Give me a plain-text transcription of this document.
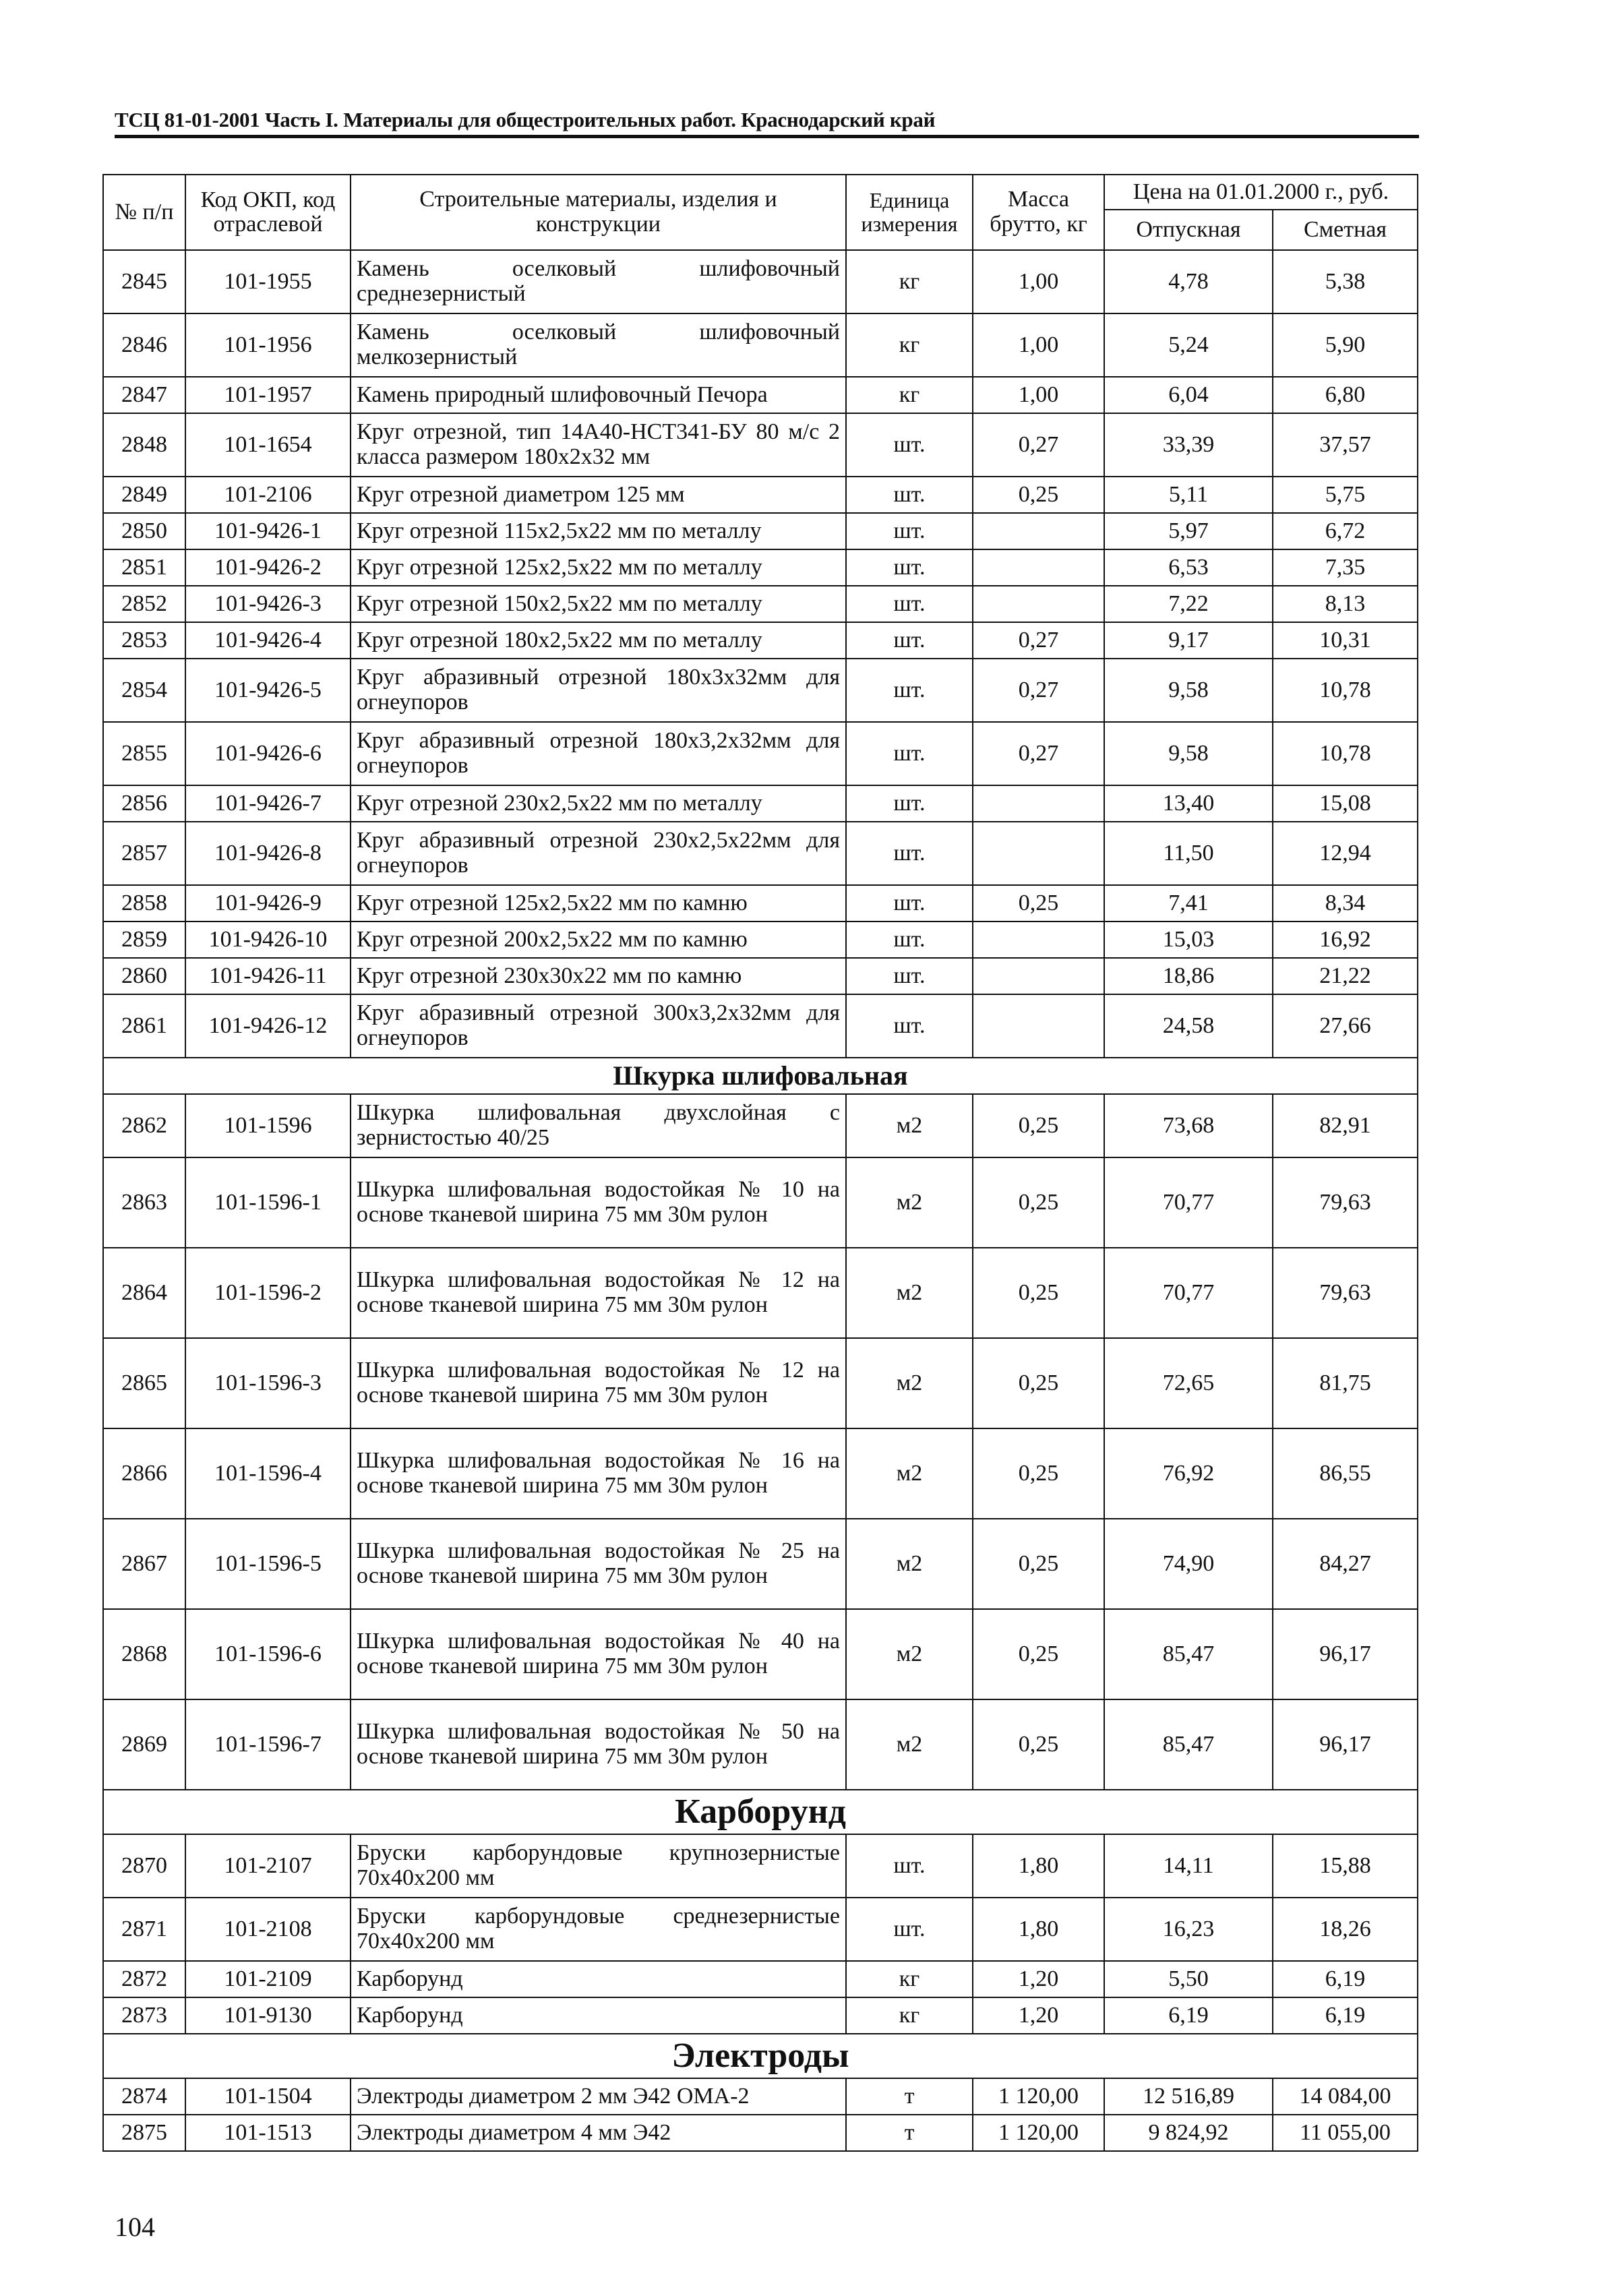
ТСЦ 81-01-2001 Часть I. Материалы для общестроительных работ. Краснодарский край
№ п/п	Код ОКП, код отраслевой	Строительные материалы, изделия и конструкции	Единица измерения	Масса брутто, кг	Цена на 01.01.2000 г., руб.	
					Отпускная	Сметная
2845	101-1955	Камень оселковый шлифовочный среднезернистый	кг	1,00	4,78	5,38
2846	101-1956	Камень оселковый шлифовочный мелкозернистый	кг	1,00	5,24	5,90
2847	101-1957	Камень природный шлифовочный Печора	кг	1,00	6,04	6,80
2848	101-1654	Круг отрезной, тип 14А40-НСТ341-БУ 80 м/с 2 класса размером 180х2х32 мм	шт.	0,27	33,39	37,57
2849	101-2106	Круг отрезной диаметром 125 мм	шт.	0,25	5,11	5,75
2850	101-9426-1	Круг отрезной 115х2,5х22 мм по металлу	шт.		5,97	6,72
2851	101-9426-2	Круг отрезной 125х2,5х22 мм по металлу	шт.		6,53	7,35
2852	101-9426-3	Круг отрезной 150х2,5х22 мм по металлу	шт.		7,22	8,13
2853	101-9426-4	Круг отрезной 180х2,5х22 мм по металлу	шт.	0,27	9,17	10,31
2854	101-9426-5	Круг абразивный отрезной 180х3х32мм для огнеупоров	шт.	0,27	9,58	10,78
2855	101-9426-6	Круг абразивный отрезной 180х3,2х32мм для огнеупоров	шт.	0,27	9,58	10,78
2856	101-9426-7	Круг отрезной 230х2,5х22 мм по металлу	шт.		13,40	15,08
2857	101-9426-8	Круг абразивный отрезной 230х2,5х22мм для огнеупоров	шт.		11,50	12,94
2858	101-9426-9	Круг отрезной 125х2,5х22 мм по камню	шт.	0,25	7,41	8,34
2859	101-9426-10	Круг отрезной 200х2,5х22 мм по камню	шт.		15,03	16,92
2860	101-9426-11	Круг отрезной 230х30х22 мм по камню	шт.		18,86	21,22
2861	101-9426-12	Круг абразивный отрезной 300х3,2х32мм для огнеупоров	шт.		24,58	27,66
Шкурка шлифовальная						
2862	101-1596	Шкурка шлифовальная двухслойная с зернистостью 40/25	м2	0,25	73,68	82,91
2863	101-1596-1	Шкурка шлифовальная водостойкая № 10 на основе тканевой ширина 75 мм 30м рулон	м2	0,25	70,77	79,63
2864	101-1596-2	Шкурка шлифовальная водостойкая № 12 на основе тканевой ширина 75 мм 30м рулон	м2	0,25	70,77	79,63
2865	101-1596-3	Шкурка шлифовальная водостойкая № 12 на основе тканевой ширина 75 мм 30м рулон	м2	0,25	72,65	81,75
2866	101-1596-4	Шкурка шлифовальная водостойкая № 16 на основе тканевой ширина 75 мм 30м рулон	м2	0,25	76,92	86,55
2867	101-1596-5	Шкурка шлифовальная водостойкая № 25 на основе тканевой ширина 75 мм 30м рулон	м2	0,25	74,90	84,27
2868	101-1596-6	Шкурка шлифовальная водостойкая № 40 на основе тканевой ширина 75 мм 30м рулон	м2	0,25	85,47	96,17
2869	101-1596-7	Шкурка шлифовальная водостойкая № 50 на основе тканевой ширина 75 мм 30м рулон	м2	0,25	85,47	96,17
Карборунд						
2870	101-2107	Бруски карборундовые крупнозернистые 70х40х200 мм	шт.	1,80	14,11	15,88
2871	101-2108	Бруски карборундовые среднезернистые 70х40х200 мм	шт.	1,80	16,23	18,26
2872	101-2109	Карборунд	кг	1,20	5,50	6,19
2873	101-9130	Карборунд	кг	1,20	6,19	6,19
Электроды						
2874	101-1504	Электроды диаметром 2 мм Э42 ОМА-2	т	1 120,00	12 516,89	14 084,00
2875	101-1513	Электроды диаметром 4 мм Э42	т	1 120,00	9 824,92	11 055,00
104
